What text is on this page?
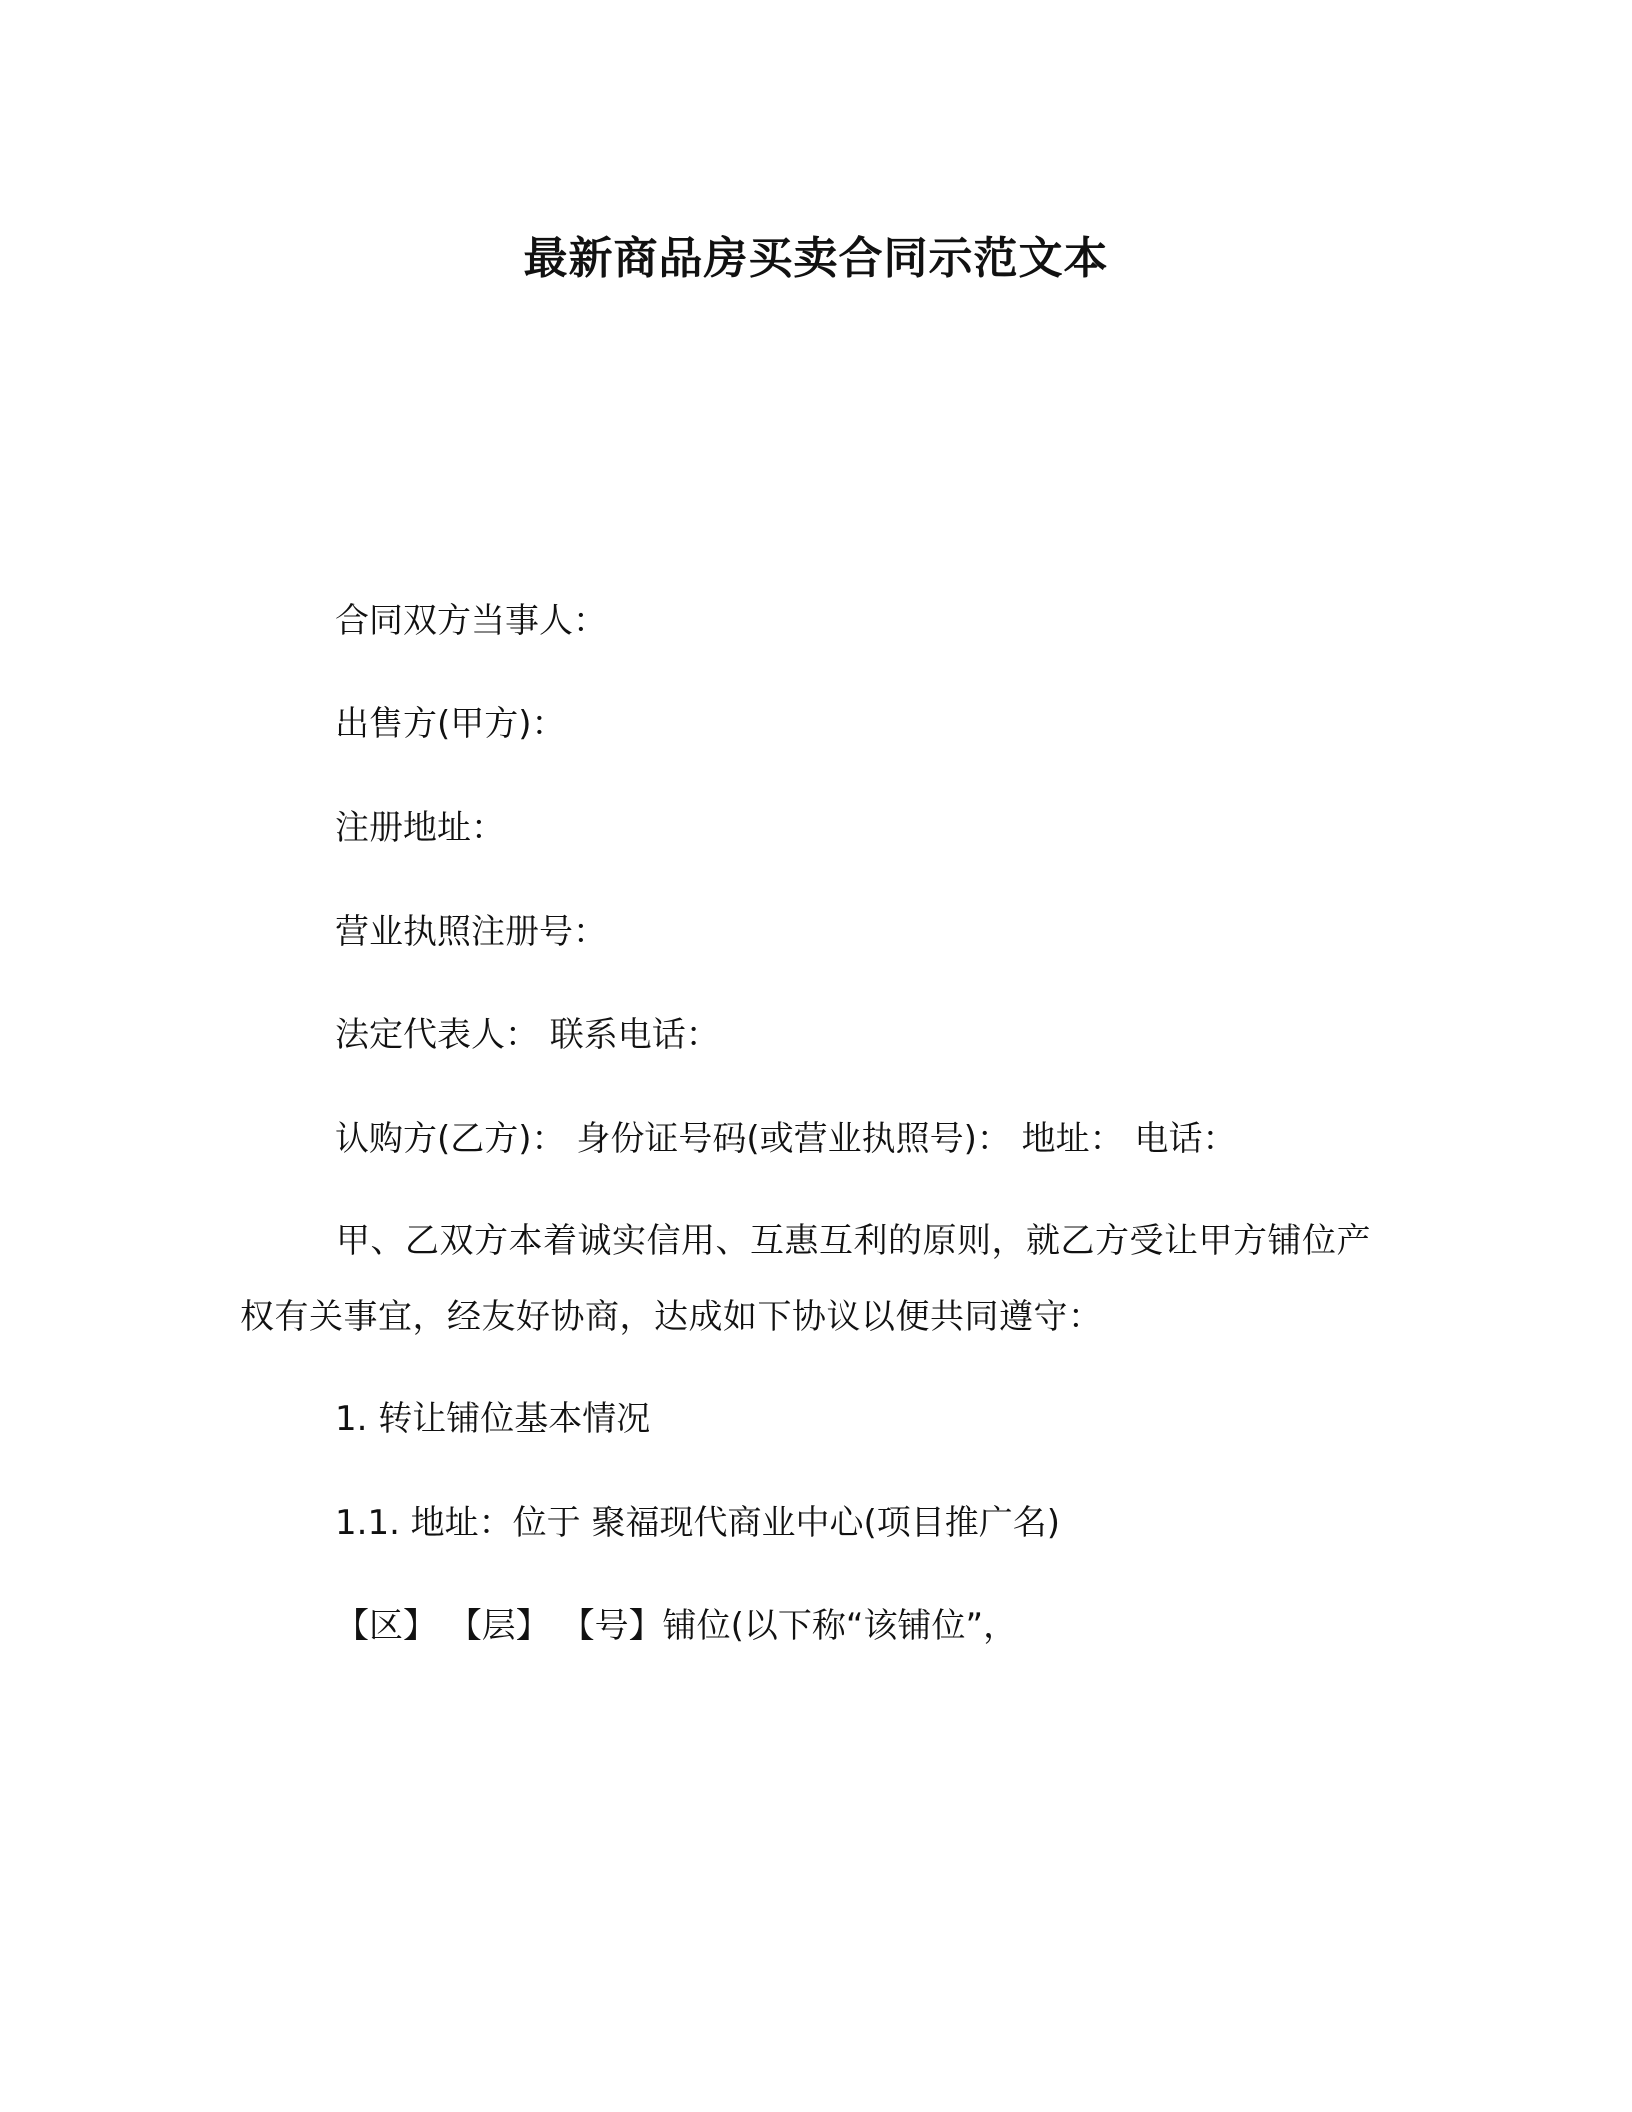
最新商品房买卖合同示范文本

合同双方当事人：

出售方(甲方)：

注册地址：

营业执照注册号：

法定代表人： 联系电话：

认购方(乙方)： 身份证号码(或营业执照号)： 地址： 电话：

甲、乙双方本着诚实信用、互惠互利的原则，就乙方受让甲方铺位产权有关事宜，经友好协商，达成如下协议以便共同遵守：

1. 转让铺位基本情况

1.1. 地址：位于 聚福现代商业中心(项目推广名)

【区】 【层】 【号】铺位(以下称“该铺位”，
